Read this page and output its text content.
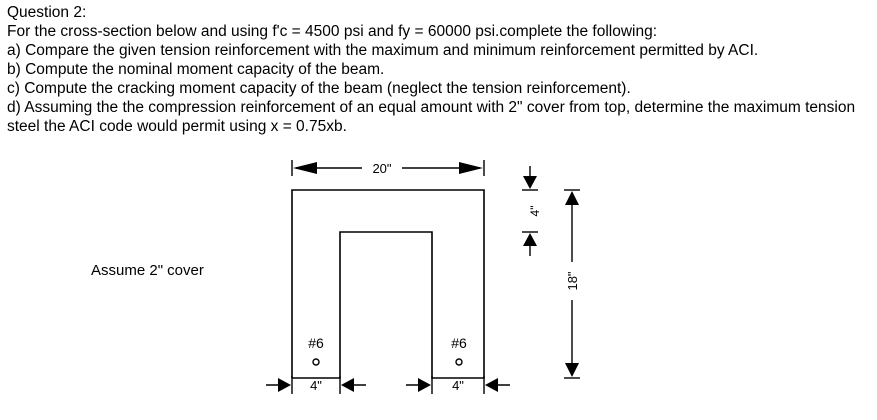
Question 2:
For the cross-section below and using f'c = 4500 psi and fy = 60000 psi.complete the following:
a) Compare the given tension reinforcement with the maximum and minimum reinforcement permitted by ACI.
b) Compute the nominal moment capacity of the beam.
c) Compute the cracking moment capacity of the beam (neglect the tension reinforcement).
d) Assuming the the compression reinforcement of an equal amount with 2" cover from top, determine the maximum tension steel the ACI code would permit using x = 0.75xb.
Assume 2" cover
20"
4"
18"
#6	#6
4"	4"
